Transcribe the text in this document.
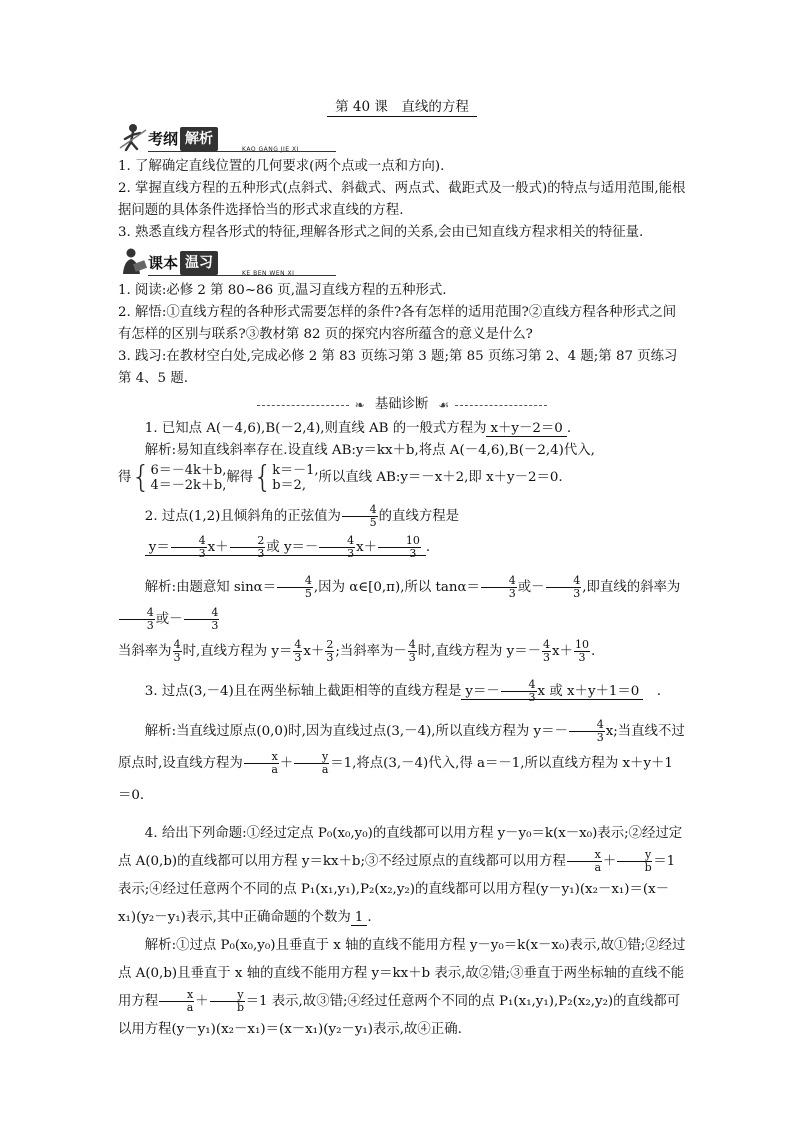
第 40 课　直线的方程

考纲 解析
KAO GANG JIE XI

1. 了解确定直线位置的几何要求(两个点或一点和方向).

2. 掌握直线方程的五种形式(点斜式、斜截式、两点式、截距式及一般式)的特点与适用范围,能根据问题的具体条件选择恰当的形式求直线的方程.

3. 熟悉直线方程各形式的特征,理解各形式之间的关系,会由已知直线方程求相关的特征量.

课本 温习
KE BEN WEN XI

1. 阅读:必修 2 第 80~86 页,温习直线方程的五种形式.

2. 解悟:①直线方程的各种形式需要怎样的条件?各有怎样的适用范围?②直线方程各种形式之间有怎样的区别与联系?③教材第 82 页的探究内容所蕴含的意义是什么?

3. 践习:在教材空白处,完成必修 2 第 83 页练习第 3 题;第 85 页练习第 2、4 题;第 87 页练习第 4、5 题.

❧ 基础诊断 ☙

1. 已知点 A(－4,6),B(－2,4),则直线 AB 的一般式方程为 x＋y－2＝0 .

解析:易知直线斜率存在.设直线 AB:y＝kx＋b,将点 A(－4,6),B(－2,4)代入,

得 { 6＝－4k＋b,
4＝－2k＋b, 解得 { k＝－1,
b＝2, 所以直线 AB:y＝－x＋2,即 x＋y－2＝0.

2. 过点(1,2)且倾斜角的正弦值为 $\frac{4}{5}$ 的直线方程是

$y= \frac{4}{3} x+ \frac{2}{3}$ 或 $y=- \frac{4}{3} x+ \frac{10}{3}$ .

解析:由题意知 $\sin\alpha= \frac{4}{5}$ ,因为 α∈[0,π),所以 $\tan\alpha= \frac{4}{3}$ 或－ $\frac{4}{3}$ ,即直线的斜率为
$\frac{4}{3}$ 或－ $\frac{4}{3}$

当斜率为 $\frac{4}{3}$ 时,直线方程为 $y= \frac{4}{3} x+ \frac{2}{3}$ ;当斜率为－ $\frac{4}{3}$ 时,直线方程为 $y=- \frac{4}{3} x+ \frac{10}{3}$ .

3. 过点(3,－4)且在两坐标轴上截距相等的直线方程是 $y=- \frac{4}{3}$ x 或 x＋y＋1＝0　.

解析:当直线过原点(0,0)时,因为直线过点(3,－4),所以直线方程为 $y=- \frac{4}{3} x$;当直线不过原点时,设直线方程为 $\frac{x}{a} + \frac{y}{a} =1$,将点(3,－4)代入,得 a＝－1,所以直线方程为 x＋y＋1＝0.

4. 给出下列命题:①经过定点 P₀(x₀,y₀)的直线都可以用方程 y－y₀＝k(x－x₀)表示;②经过定点 A(0,b)的直线都可以用方程 y＝kx＋b;③不经过原点的直线都可以用方程 $\frac{x}{a} + \frac{y}{b} =1$ 表示;④经过任意两个不同的点 P₁(x₁,y₁),P₂(x₂,y₂)的直线都可以用方程(y－y₁)(x₂－x₁)＝(x－x₁)(y₂－y₁)表示,其中正确命题的个数为 1 .

解析:①过点 P₀(x₀,y₀)且垂直于 x 轴的直线不能用方程 y－y₀＝k(x－x₀)表示,故①错;②经过点 A(0,b)且垂直于 x 轴的直线不能用方程 y＝kx＋b 表示,故②错;③垂直于两坐标轴的直线不能用方程 $\frac{x}{a} + \frac{y}{b} =1$ 表示,故③错;④经过任意两个不同的点 P₁(x₁,y₁),P₂(x₂,y₂)的直线都可以用方程(y－y₁)(x₂－x₁)＝(x－x₁)(y₂－y₁)表示,故④正确.
